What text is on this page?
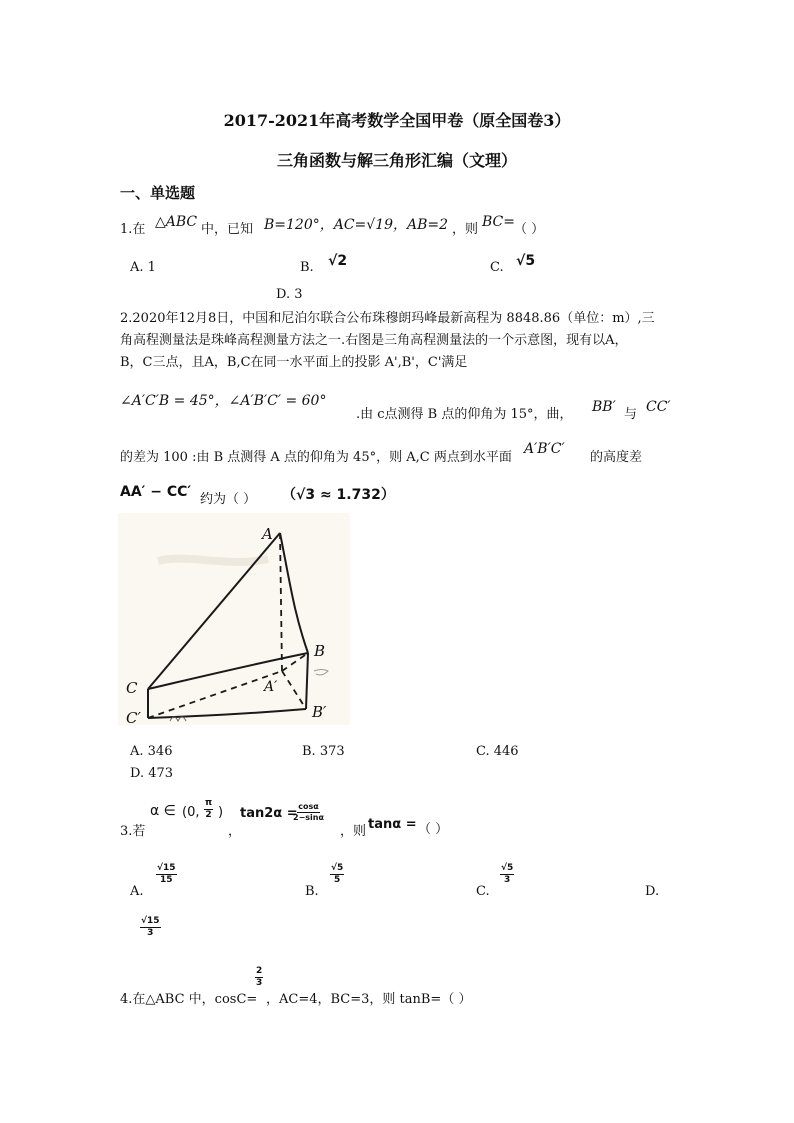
2017-2021年高考数学全国甲卷（原全国卷3）
三角函数与解三角形汇编（文理）
一、单选题
1.在 △ABC 中，已知 B=120°，AC=√19，AB=2 ，则 BC= （ ）
A. 1	B. √2	C. √5
D. 3
2.2020年12月8日，中国和尼泊尔联合公布珠穆朗玛峰最新高程为 8848.86（单位：m）,三
角高程测量法是珠峰高程测量方法之一.右图是三角高程测量法的一个示意图，现有以A，
B，C三点，且A，B,C在同一水平面上的投影 A',B'，C'满足
∠A′C′B = 45°，∠A′B′C′ = 60°
.由 c点测得 B 点的仰角为 15°，曲， BB′ 与 CC′
的差为 100 :由 B 点测得 A 点的仰角为 45°，则 A,C 两点到水平面
A′B′C′
的高度差
AA′ − CC′ 约为（ ） （√3 ≈ 1.732）
A
B
C	A′
B′
C′
A. 346	B. 373	C. 446
D. 473
3.若
α ∈ (0, $\frac{\pi}{2}$ )
，
tan2α =
$\frac{\cos\alpha}{2-\sin\alpha}$
，则 tanα = （ ）
A.
$\frac{√15}{15}$
B.
$\frac{√5}{5}$
C.
$\frac{√5}{3}$
D.
$\frac{√15}{3}$
4.在△ABC 中，cosC=
$\frac{2}{3}$
，AC=4，BC=3，则 tanB=（ ）
